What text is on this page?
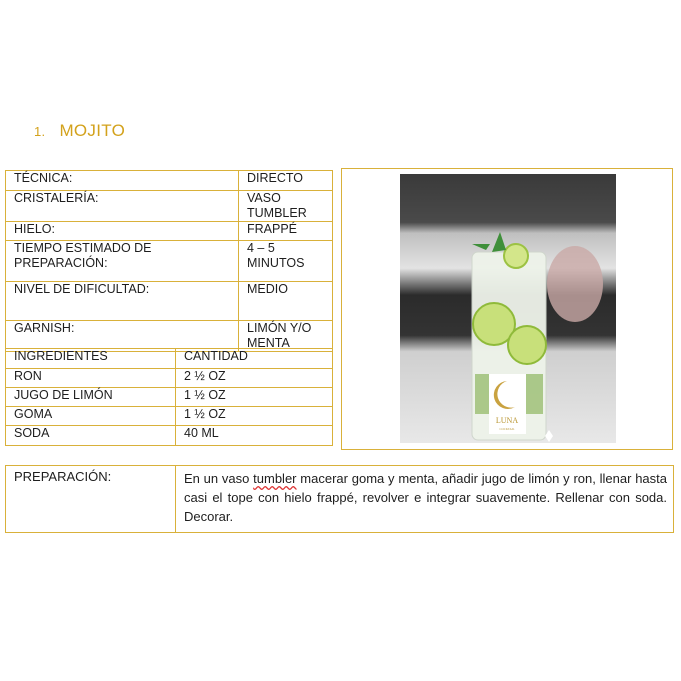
1. MOJITO
TÉCNICA:	DIRECTO
CRISTALERÍA:	VASO TUMBLER
HIELO:	FRAPPÉ
TIEMPO ESTIMADO DE PREPARACIÓN:	4 – 5 MINUTOS
NIVEL DE DIFICULTAD:	MEDIO
GARNISH:	LIMÓN Y/O MENTA
INGREDIENTES	CANTIDAD
RON	2 ½ OZ
JUGO DE LIMÓN	1 ½ OZ
GOMA	1 ½ OZ
SODA	40 ML
LUNA
COCKTAIL
PREPARACIÓN:	En un vaso tumbler macerar goma y menta, añadir jugo de limón y ron, llenar hasta casi el tope con hielo frappé, revolver e integrar suavemente. Rellenar con soda. Decorar.
